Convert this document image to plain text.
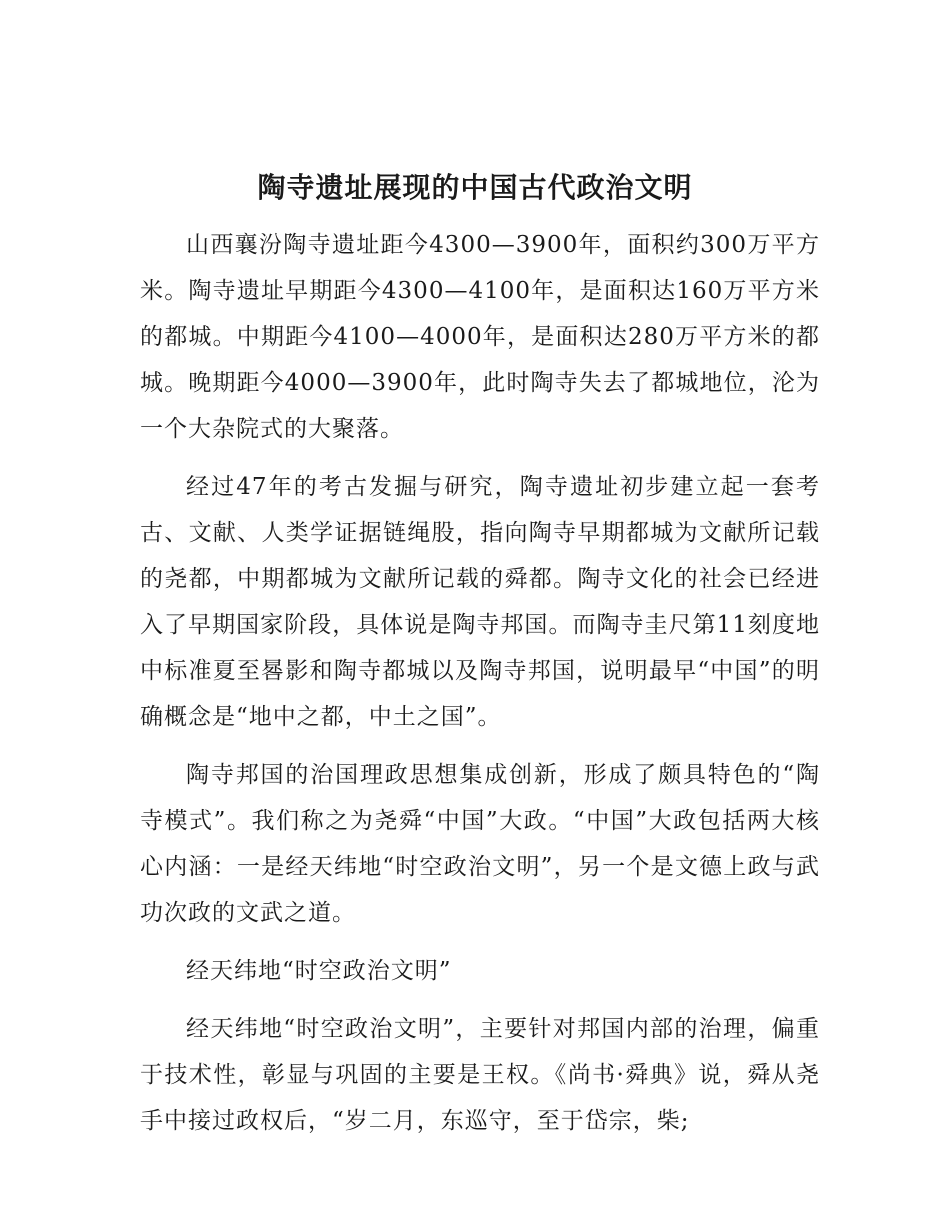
陶寺遗址展现的中国古代政治文明

山西襄汾陶寺遗址距今4300—3900年，面积约300万平方米。陶寺遗址早期距今4300—4100年，是面积达160万平方米的都城。中期距今4100—4000年，是面积达280万平方米的都城。晚期距今4000—3900年，此时陶寺失去了都城地位，沦为一个大杂院式的大聚落。

经过47年的考古发掘与研究，陶寺遗址初步建立起一套考古、文献、人类学证据链绳股，指向陶寺早期都城为文献所记载的尧都，中期都城为文献所记载的舜都。陶寺文化的社会已经进入了早期国家阶段，具体说是陶寺邦国。而陶寺圭尺第11刻度地中标准夏至晷影和陶寺都城以及陶寺邦国，说明最早“中国”的明确概念是“地中之都，中土之国”。

陶寺邦国的治国理政思想集成创新，形成了颇具特色的“陶寺模式”。我们称之为尧舜“中国”大政。“中国”大政包括两大核心内涵：一是经天纬地“时空政治文明”，另一个是文德上政与武功次政的文武之道。

经天纬地“时空政治文明”

经天纬地“时空政治文明”，主要针对邦国内部的治理，偏重于技术性，彰显与巩固的主要是王权。《尚书·舜典》说，舜从尧手中接过政权后，“岁二月，东巡守，至于岱宗，柴;
